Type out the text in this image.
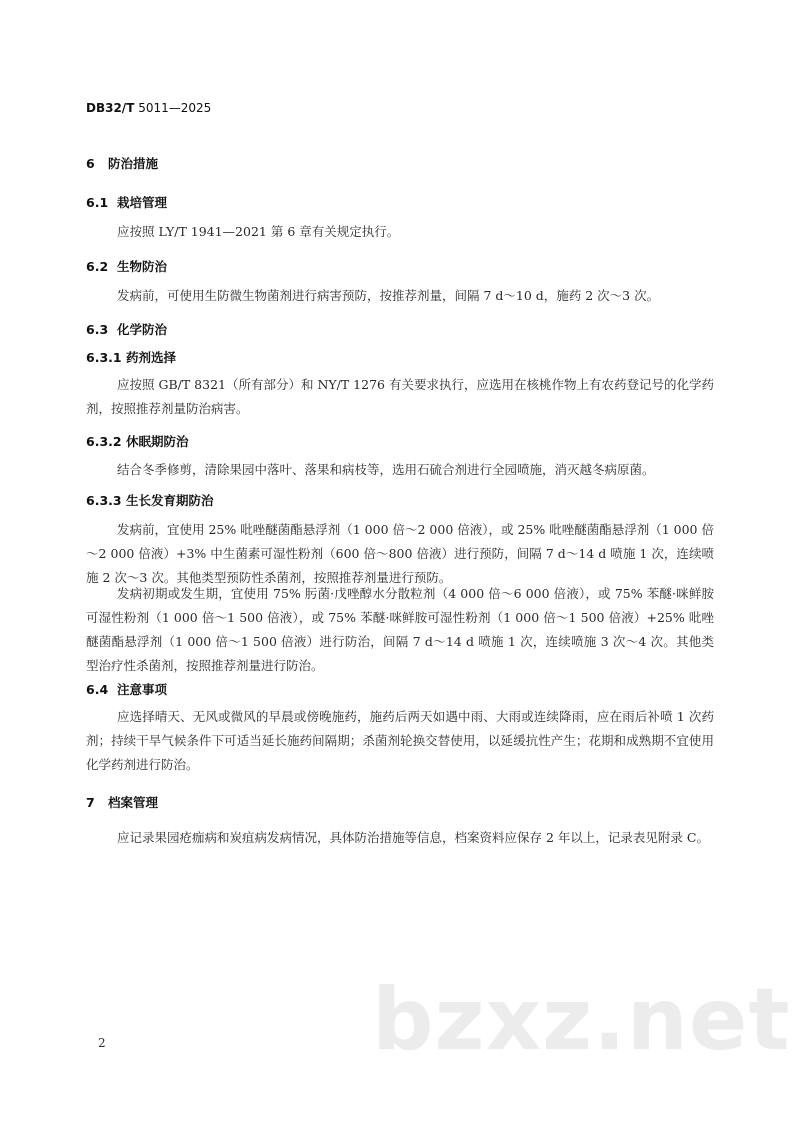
DB32/T 5011—2025
6 防治措施
6.1 栽培管理
应按照 LY/T 1941—2021 第 6 章有关规定执行。
6.2 生物防治
发病前，可使用生防微生物菌剂进行病害预防，按推荐剂量，间隔 7 d～10 d，施药 2 次～3 次。
6.3 化学防治
6.3.1 药剂选择
应按照 GB/T 8321（所有部分）和 NY/T 1276 有关要求执行，应选用在核桃作物上有农药登记号的化学药剂，按照推荐剂量防治病害。
6.3.2 休眠期防治
结合冬季修剪，清除果园中落叶、落果和病枝等，选用石硫合剂进行全园喷施，消灭越冬病原菌。
6.3.3 生长发育期防治
发病前，宜使用 25% 吡唑醚菌酯悬浮剂（1 000 倍～2 000 倍液），或 25% 吡唑醚菌酯悬浮剂（1 000 倍～2 000 倍液）+3% 中生菌素可湿性粉剂（600 倍～800 倍液）进行预防，间隔 7 d～14 d 喷施 1 次，连续喷施 2 次～3 次。其他类型预防性杀菌剂，按照推荐剂量进行预防。
发病初期或发生期，宜使用 75% 肟菌·戊唑醇水分散粒剂（4 000 倍～6 000 倍液），或 75% 苯醚·咪鲜胺可湿性粉剂（1 000 倍～1 500 倍液），或 75% 苯醚·咪鲜胺可湿性粉剂（1 000 倍～1 500 倍液）+25% 吡唑醚菌酯悬浮剂（1 000 倍～1 500 倍液）进行防治，间隔 7 d～14 d 喷施 1 次，连续喷施 3 次～4 次。其他类型治疗性杀菌剂，按照推荐剂量进行防治。
6.4 注意事项
应选择晴天、无风或微风的早晨或傍晚施药，施药后两天如遇中雨、大雨或连续降雨，应在雨后补喷 1 次药剂；持续干旱气候条件下可适当延长施药间隔期；杀菌剂轮换交替使用，以延缓抗性产生；花期和成熟期不宜使用化学药剂进行防治。
7 档案管理
应记录果园疮痂病和炭疽病发病情况，具体防治措施等信息，档案资料应保存 2 年以上，记录表见附录 C。
bzxz.net
2
